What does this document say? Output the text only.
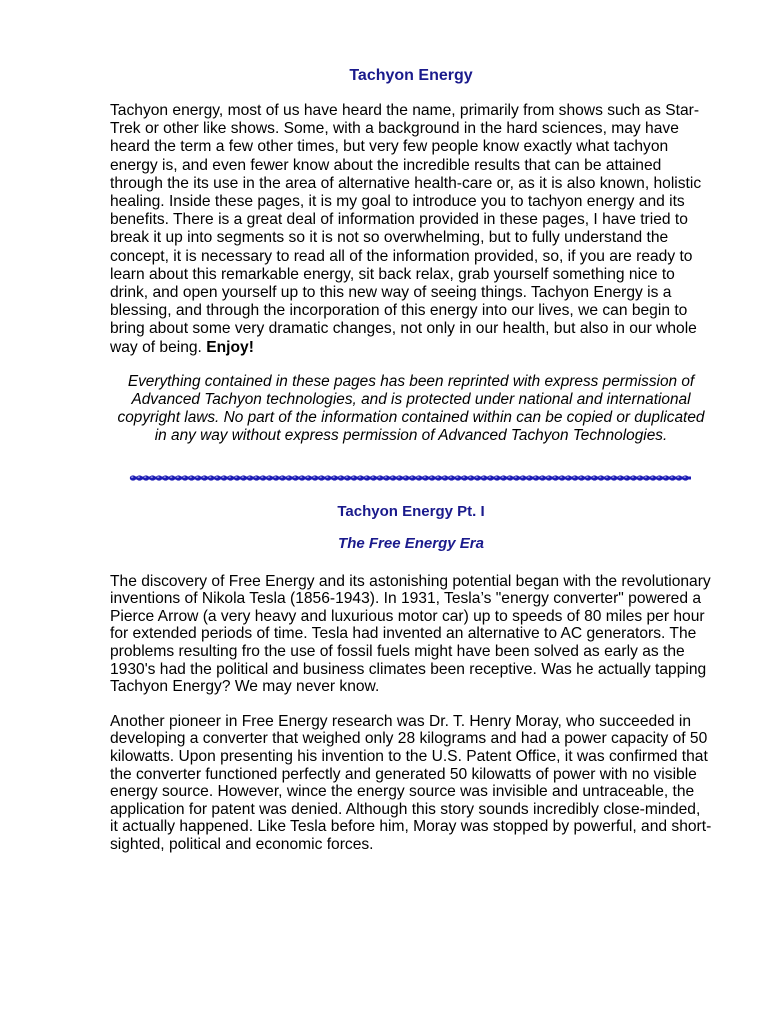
Tachyon Energy

Tachyon energy, most of us have heard the name, primarily from shows such as Star-Trek or other like shows. Some, with a background in the hard sciences, may have heard the term a few other times, but very few people know exactly what tachyon energy is, and even fewer know about the incredible results that can be attained through the its use in the area of alternative health-care or, as it is also known, holistic healing. Inside these pages, it is my goal to introduce you to tachyon energy and its benefits. There is a great deal of information provided in these pages, I have tried to break it up into segments so it is not so overwhelming, but to fully understand the concept, it is necessary to read all of the information provided, so, if you are ready to learn about this remarkable energy, sit back relax, grab yourself something nice to drink, and open yourself up to this new way of seeing things. Tachyon Energy is a blessing, and through the incorporation of this energy into our lives, we can begin to bring about some very dramatic changes, not only in our health, but also in our whole way of being. Enjoy!

Everything contained in these pages has been reprinted with express permission of Advanced Tachyon technologies, and is protected under national and international copyright laws. No part of the information contained within can be copied or duplicated in any way without express permission of Advanced Tachyon Technologies.

Tachyon Energy Pt. I
The Free Energy Era

The discovery of Free Energy and its astonishing potential began with the revolutionary inventions of Nikola Tesla (1856-1943). In 1931, Tesla’s "energy converter" powered a Pierce Arrow (a very heavy and luxurious motor car) up to speeds of 80 miles per hour for extended periods of time. Tesla had invented an alternative to AC generators. The problems resulting fro the use of fossil fuels might have been solved as early as the 1930's had the political and business climates been receptive. Was he actually tapping Tachyon Energy? We may never know.

Another pioneer in Free Energy research was Dr. T. Henry Moray, who succeeded in developing a converter that weighed only 28 kilograms and had a power capacity of 50 kilowatts. Upon presenting his invention to the U.S. Patent Office, it was confirmed that the converter functioned perfectly and generated 50 kilowatts of power with no visible energy source. However, wince the energy source was invisible and untraceable, the application for patent was denied. Although this story sounds incredibly close-minded, it actually happened. Like Tesla before him, Moray was stopped by powerful, and short-sighted, political and economic forces.
